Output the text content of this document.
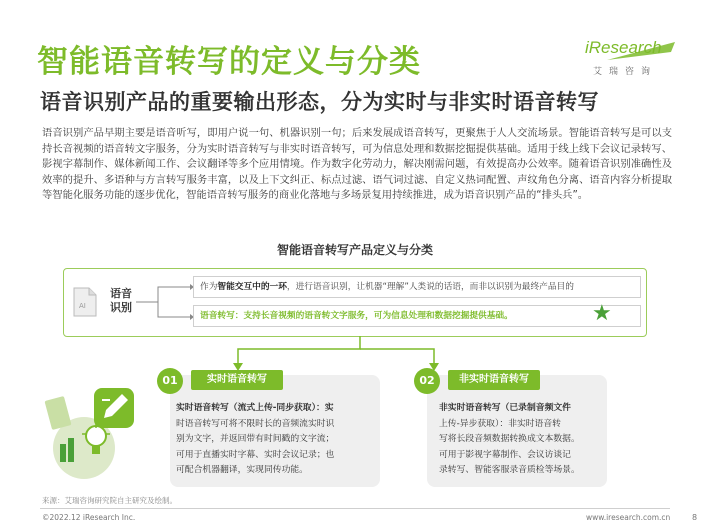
智能语音转写的定义与分类	iResearch
艾瑞咨询
语音识别产品的重要输出形态，分为实时与非实时语音转写
语音识别产品早期主要是语音听写，即用户说一句、机器识别一句；后来发展成语音转写，更聚焦于人人交流场景。智能语音转写是可以支持长音视频的语音转文字服务，分为实时语音转写与非实时语音转写，可为信息处理和数据挖掘提供基础。适用于线上线下会议记录转写、影视字幕制作、媒体新闻工作、会议翻译等多个应用情境。作为数字化劳动力，解决刚需问题，有效提高办公效率。随着语音识别准确性及效率的提升、多语种与方言转写服务丰富，以及上下文纠正、标点过滤、语气词过滤、自定义热词配置、声纹角色分离、语音内容分析提取等智能化服务功能的逐步优化，智能语音转写服务的商业化落地与多场景复用持续推进，成为语音识别产品的“排头兵”。
智能语音转写产品定义与分类
AI
语音识别
作为智能交互中的一环，进行语音识别，让机器“理解”人类说的话语，而非以识别为最终产品目的
语音转写：支持长音视频的语音转文字服务，可为信息处理和数据挖掘提供基础。	★
01	实时语音转写	02	非实时语音转写
实时语音转写（流式上传-同步获取）：实
时语音转写可将不限时长的音频流实时识
别为文字，并返回带有时间戳的文字流；
可用于直播实时字幕、实时会议记录；也
可配合机器翻译，实现同传功能。
非实时语音转写（已录制音频文件
上传-异步获取）：非实时语音转
写将长段音频数据转换成文本数据。
可用于影视字幕制作、会议访谈记
录转写、智能客服录音质检等场景。
来源：艾瑞咨询研究院自主研究及绘制。
©2022.12 iResearch Inc.	www.iresearch.com.cn	8
